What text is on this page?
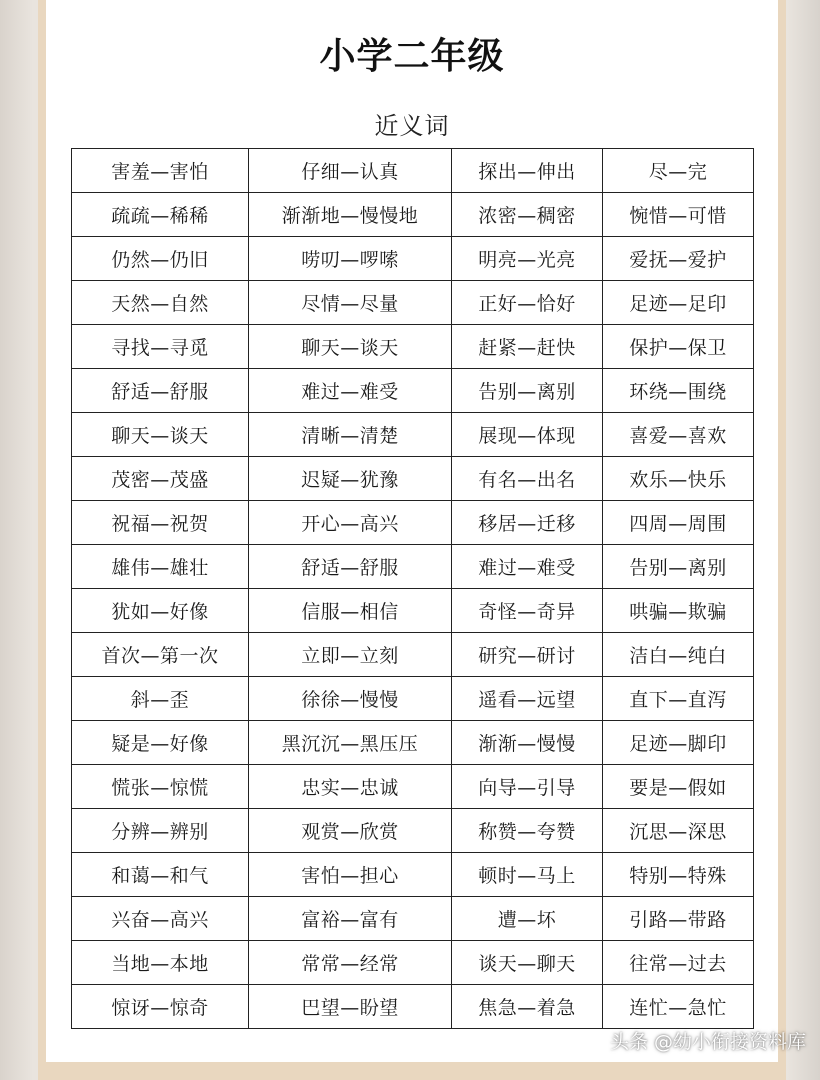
小学二年级
近义词
害羞—害怕	仔细—认真	探出—伸出	尽—完
疏疏—稀稀	渐渐地—慢慢地	浓密—稠密	惋惜—可惜
仍然—仍旧	唠叨—啰嗦	明亮—光亮	爱抚—爱护
天然—自然	尽情—尽量	正好—恰好	足迹—足印
寻找—寻觅	聊天—谈天	赶紧—赶快	保护—保卫
舒适—舒服	难过—难受	告别—离别	环绕—围绕
聊天—谈天	清晰—清楚	展现—体现	喜爱—喜欢
茂密—茂盛	迟疑—犹豫	有名—出名	欢乐—快乐
祝福—祝贺	开心—高兴	移居—迁移	四周—周围
雄伟—雄壮	舒适—舒服	难过—难受	告别—离别
犹如—好像	信服—相信	奇怪—奇异	哄骗—欺骗
首次—第一次	立即—立刻	研究—研讨	洁白—纯白
斜—歪	徐徐—慢慢	遥看—远望	直下—直泻
疑是—好像	黑沉沉—黑压压	渐渐—慢慢	足迹—脚印
慌张—惊慌	忠实—忠诚	向导—引导	要是—假如
分辨—辨别	观赏—欣赏	称赞—夸赞	沉思—深思
和蔼—和气	害怕—担心	顿时—马上	特别—特殊
兴奋—高兴	富裕—富有	遭—坏	引路—带路
当地—本地	常常—经常	谈天—聊天	往常—过去
惊讶—惊奇	巴望—盼望	焦急—着急	连忙—急忙
头条 @幼小衔接资料库
